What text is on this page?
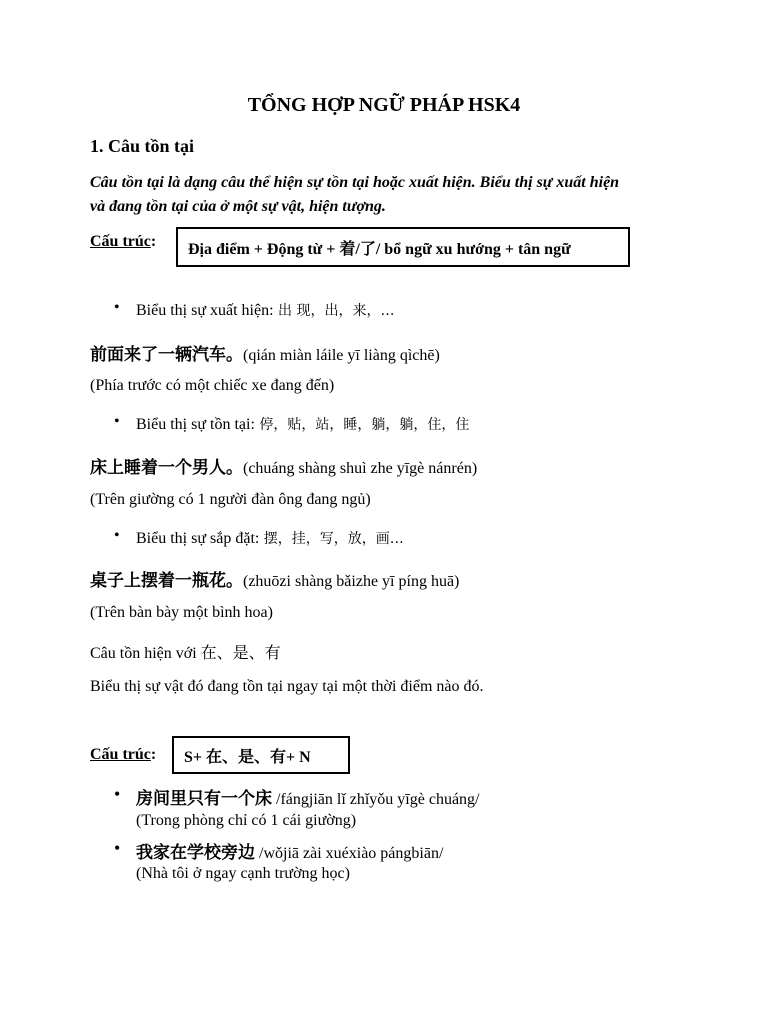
TỔNG HỢP NGỮ PHÁP HSK4
1. Câu tồn tại
Câu tồn tại là dạng câu thể hiện sự tồn tại hoặc xuất hiện. Biểu thị sự xuất hiện
và đang tồn tại của ở một sự vật, hiện tượng.
Cấu trúc: Địa điểm + Động từ + 着/了/ bổ ngữ xu hướng + tân ngữ
• Biểu thị sự xuất hiện: 出 现，出，来，…
前面来了一辆汽车。(qián miàn láile yī liàng qìchē)
(Phía trước có một chiếc xe đang đến)
• Biểu thị sự tồn tại: 停，贴，站，睡，躺，躺，住，住
床上睡着一个男人。(chuáng shàng shuì zhe yīgè nánrén)
(Trên giường có 1 người đàn ông đang ngủ)
• Biểu thị sự sắp đặt: 摆，挂，写，放，画…
桌子上摆着一瓶花。(zhuōzi shàng bǎizhe yī píng huā)
(Trên bàn bày một bình hoa)
Câu tồn hiện với 在、是、有
Biểu thị sự vật đó đang tồn tại ngay tại một thời điểm nào đó.
Cấu trúc: S+ 在、是、有+ N
• 房间里只有一个床 /fángjiān lǐ zhǐyǒu yīgè chuáng/
(Trong phòng chỉ có 1 cái giường)
• 我家在学校旁边 /wǒjiā zài xuéxiào pángbiān/
(Nhà tôi ở ngay cạnh trường học)
